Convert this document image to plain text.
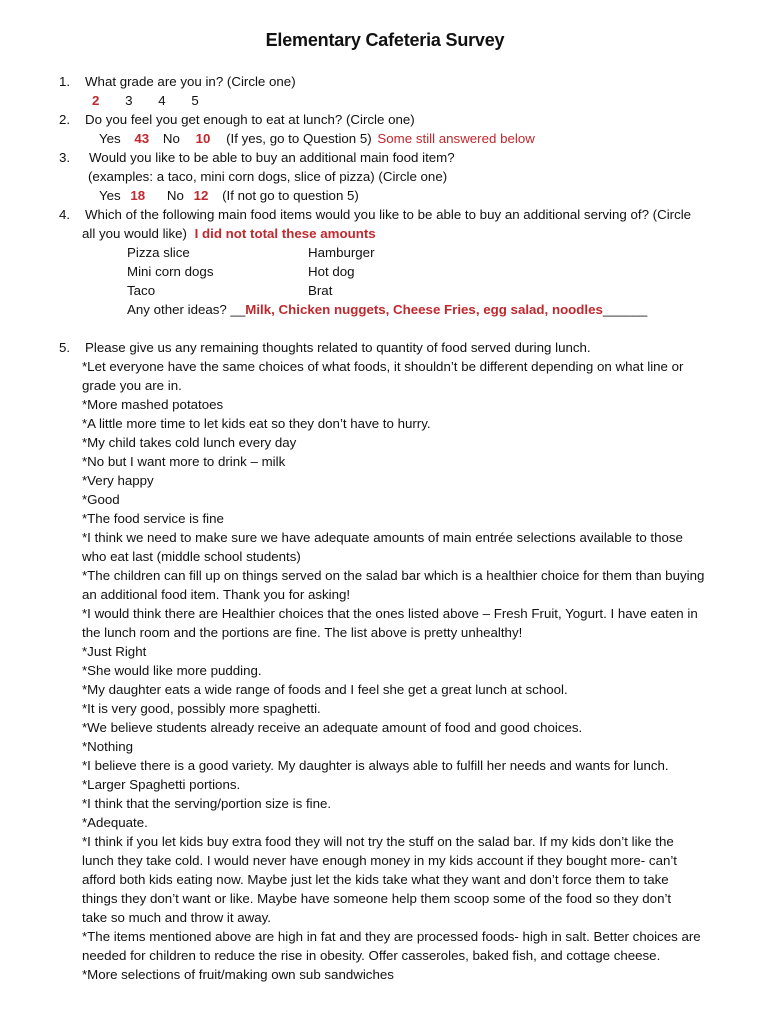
Elementary Cafeteria Survey
1. What grade are you in? (Circle one)
2 3 4 5
2. Do you feel you get enough to eat at lunch? (Circle one)
Yes 43 No 10 (If yes, go to Question 5) Some still answered below
3. Would you like to be able to buy an additional main food item?
(examples: a taco, mini corn dogs, slice of pizza) (Circle one)
Yes 18 No 12 (If not go to question 5)
4. Which of the following main food items would you like to be able to buy an additional serving of? (Circle
all you would like) I did not total these amounts
Pizza slice	Hamburger
Mini corn dogs	Hot dog
Taco	Brat
Any other ideas? __Milk, Chicken nuggets, Cheese Fries, egg salad, noodles______
5. Please give us any remaining thoughts related to quantity of food served during lunch.
*Let everyone have the same choices of what foods, it shouldn’t be different depending on what line or
grade you are in.
*More mashed potatoes
*A little more time to let kids eat so they don’t have to hurry.
*My child takes cold lunch every day
*No but I want more to drink – milk
*Very happy
*Good
*The food service is fine
*I think we need to make sure we have adequate amounts of main entrée selections available to those
who eat last (middle school students)
*The children can fill up on things served on the salad bar which is a healthier choice for them than buying
an additional food item. Thank you for asking!
*I would think there are Healthier choices that the ones listed above – Fresh Fruit, Yogurt. I have eaten in
the lunch room and the portions are fine. The list above is pretty unhealthy!
*Just Right
*She would like more pudding.
*My daughter eats a wide range of foods and I feel she get a great lunch at school.
*It is very good, possibly more spaghetti.
*We believe students already receive an adequate amount of food and good choices.
*Nothing
*I believe there is a good variety. My daughter is always able to fulfill her needs and wants for lunch.
*Larger Spaghetti portions.
*I think that the serving/portion size is fine.
*Adequate.
*I think if you let kids buy extra food they will not try the stuff on the salad bar. If my kids don’t like the
lunch they take cold. I would never have enough money in my kids account if they bought more- can’t
afford both kids eating now. Maybe just let the kids take what they want and don’t force them to take
things they don’t want or like. Maybe have someone help them scoop some of the food so they don’t
take so much and throw it away.
*The items mentioned above are high in fat and they are processed foods- high in salt. Better choices are
needed for children to reduce the rise in obesity. Offer casseroles, baked fish, and cottage cheese.
*More selections of fruit/making own sub sandwiches
